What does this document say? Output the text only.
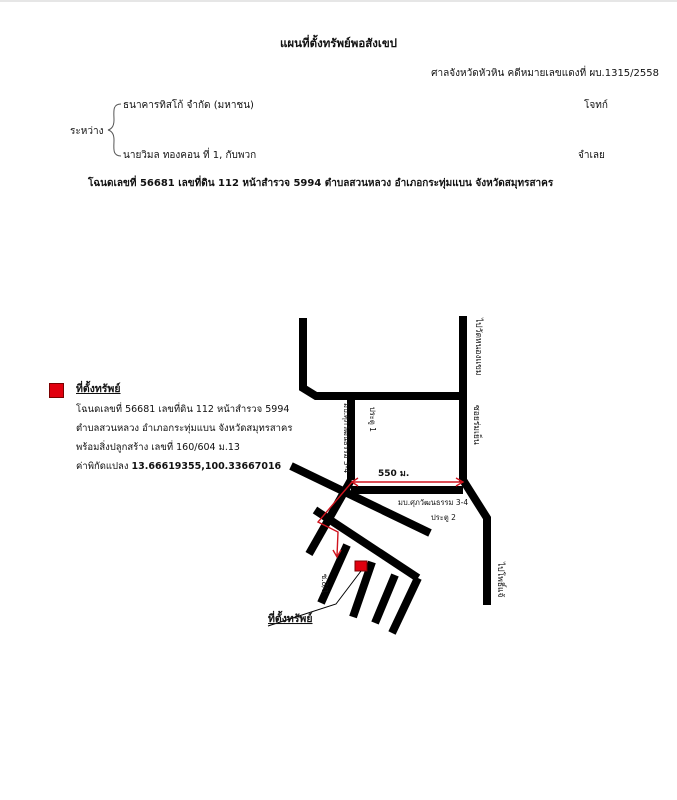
แผนที่ตั้งทรัพย์พอสังเขป
ศาลจังหวัดหัวหิน คดีหมายเลขแดงที่ ผบ.1315/2558
ธนาคารทิสโก้ จำกัด (มหาชน)	โจทก์
ระหว่าง
นายวิมล ทองคอน ที่ 1, กับพวก	จำเลย
โฉนดเลขที่ 56681 เลขที่ดิน 112 หน้าสำรวจ 5994 ตำบลสวนหลวง อำเภอกระทุ่มแบน จังหวัดสมุทรสาคร
ที่ตั้งทรัพย์
โฉนดเลขที่ 56681 เลขที่ดิน 112 หน้าสำรวจ 5994
ตำบลสวนหลวง อำเภอกระทุ่มแบน จังหวัดสมุทรสาคร
พร้อมสิ่งปลูกสร้าง เลขที่ 160/604 ม.13
ค่าพิกัดแปลง 13.66619355,100.33667016
ไปวัดหนองแขม
ซอยร่มเย็น
มบ.ศุภวัฒนธรรม 3-4 ประตู 1
550 ม.
มบ.ศุภวัฒนธรรม 3-4
ประตู 2
ซ.8/1	ไปโพธิ์แจ้
ที่ตั้งทรัพย์
